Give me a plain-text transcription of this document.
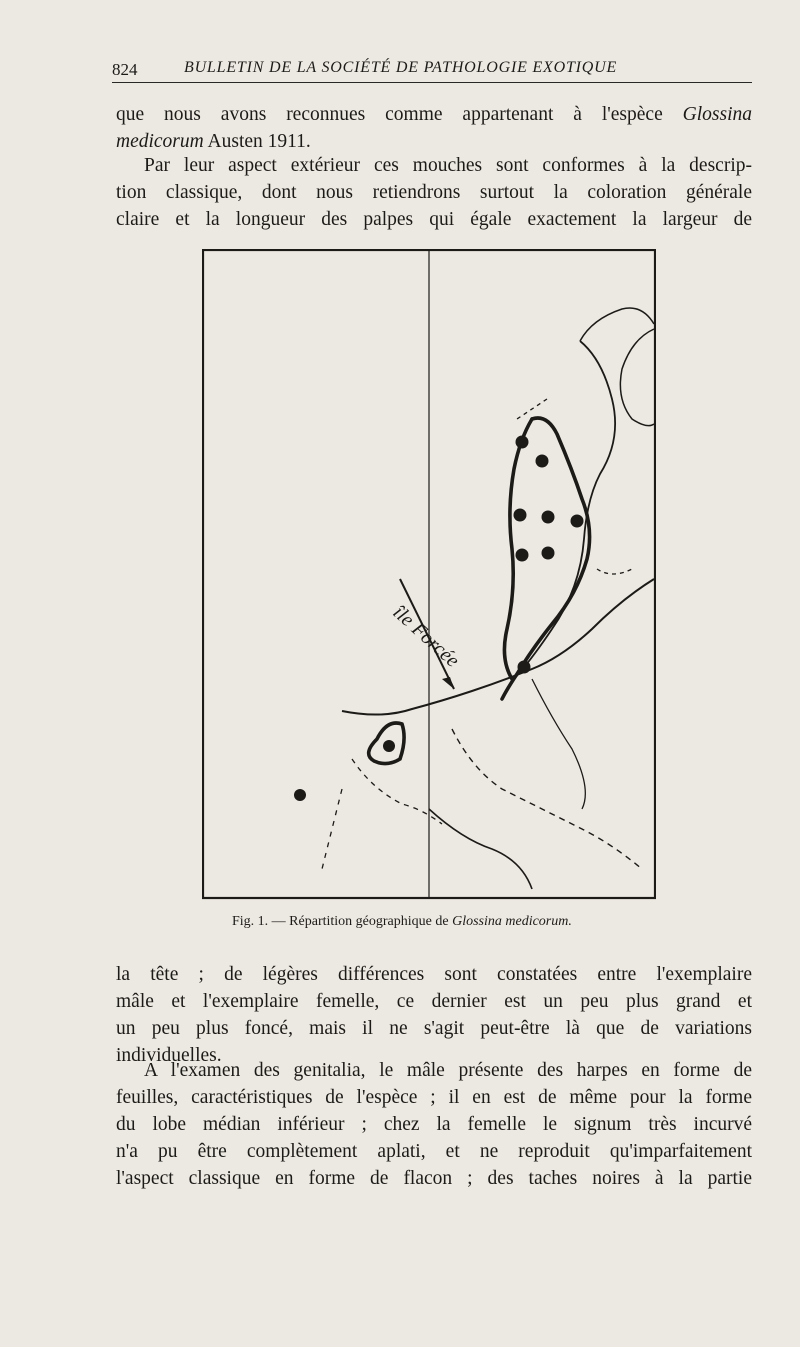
824	BULLETIN DE LA SOCIÉTÉ DE PATHOLOGIE EXOTIQUE

que nous avons reconnues comme appartenant à l'espèce Glossina
medicorum Austen 1911.

Par leur aspect extérieur ces mouches sont conformes à la descrip-
tion classique, dont nous retiendrons surtout la coloration générale
claire et la longueur des palpes qui égale exactement la largeur de

île Forcée
Fig. 1. — Répartition géographique de Glossina medicorum.

la tête ; de légères différences sont constatées entre l'exemplaire
mâle et l'exemplaire femelle, ce dernier est un peu plus grand et
un peu plus foncé, mais il ne s'agit peut-être là que de variations
individuelles.

A l'examen des genitalia, le mâle présente des harpes en forme de
feuilles, caractéristiques de l'espèce ; il en est de même pour la forme
du lobe médian inférieur ; chez la femelle le signum très incurvé
n'a pu être complètement aplati, et ne reproduit qu'imparfaitement
l'aspect classique en forme de flacon ; des taches noires à la partie
